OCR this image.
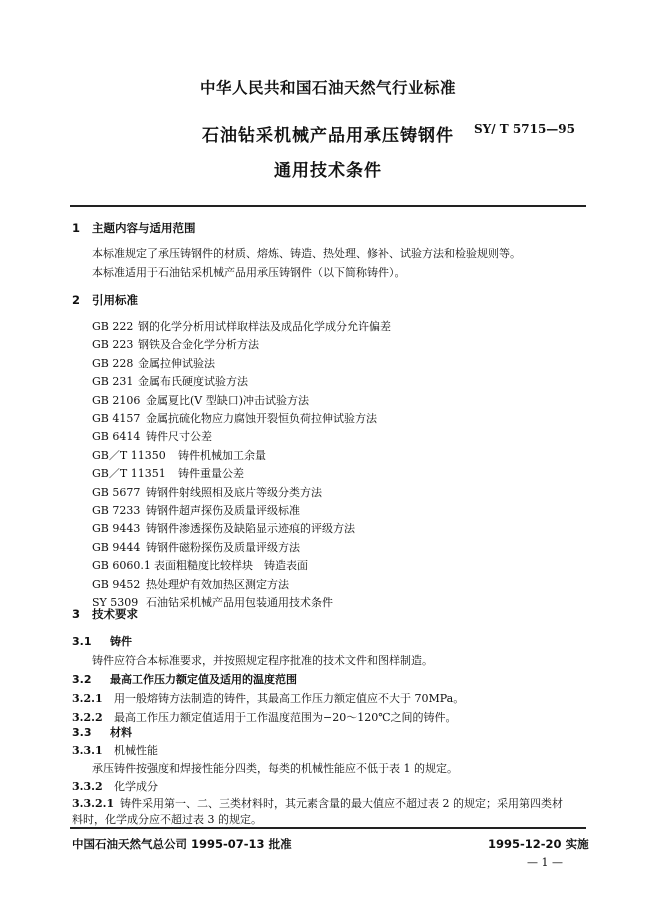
中华人民共和国石油天然气行业标准
SY/ T 5715—95
石油钻采机械产品用承压铸钢件
通用技术条件
1 主题内容与适用范围
本标准规定了承压铸钢件的材质、熔炼、铸造、热处理、修补、试验方法和检验规则等。
本标准适用于石油钻采机械产品用承压铸钢件（以下简称铸件）。
2 引用标准
GB 222 钢的化学分析用试样取样法及成品化学成分允许偏差
GB 223 钢铁及合金化学分析方法
GB 228 金属拉伸试验法
GB 231 金属布氏硬度试验方法
GB 2106 金属夏比(V 型缺口)冲击试验方法
GB 4157 金属抗硫化物应力腐蚀开裂恒负荷拉伸试验方法
GB 6414 铸件尺寸公差
GB／T 11350 铸件机械加工余量
GB／T 11351 铸件重量公差
GB 5677 铸钢件射线照相及底片等级分类方法
GB 7233 铸钢件超声探伤及质量评级标准
GB 9443 铸钢件渗透探伤及缺陷显示迹痕的评级方法
GB 9444 铸钢件磁粉探伤及质量评级方法
GB 6060.1 表面粗糙度比较样块　铸造表面
GB 9452 热处理炉有效加热区测定方法
SY 5309 石油钻采机械产品用包装通用技术条件
3 技术要求
3.1 铸件
铸件应符合本标准要求，并按照规定程序批准的技术文件和图样制造。
3.2 最高工作压力额定值及适用的温度范围
3.2.1 用一般熔铸方法制造的铸件，其最高工作压力额定值应不大于 70MPa。
3.2.2 最高工作压力额定值适用于工作温度范围为−20～120℃之间的铸件。
3.3 材料
3.3.1 机械性能
承压铸件按强度和焊接性能分四类，每类的机械性能应不低于表 1 的规定。
3.3.2 化学成分
3.3.2.1 铸件采用第一、二、三类材料时，其元素含量的最大值应不超过表 2 的规定；采用第四类材
中国石油天然气总公司 1995-07-13 批准	1995-12-20 实施
— 1 —
料时，化学成分应不超过表 3 的规定。
